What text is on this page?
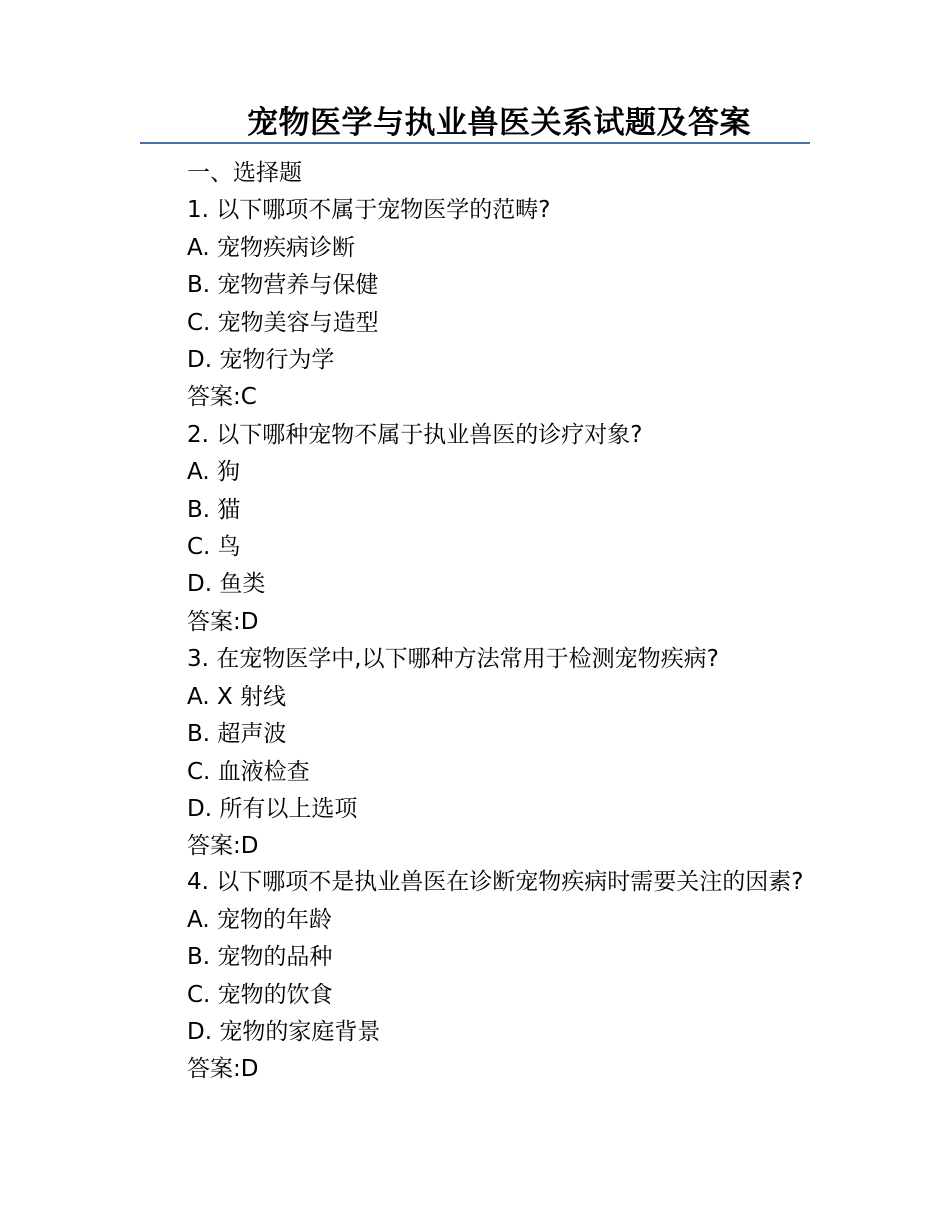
宠物医学与执业兽医关系试题及答案
一、选择题
1. 以下哪项不属于宠物医学的范畴?
A. 宠物疾病诊断
B. 宠物营养与保健
C. 宠物美容与造型
D. 宠物行为学
答案:C
2. 以下哪种宠物不属于执业兽医的诊疗对象?
A. 狗
B. 猫
C. 鸟
D. 鱼类
答案:D
3. 在宠物医学中,以下哪种方法常用于检测宠物疾病?
A. X 射线
B. 超声波
C. 血液检查
D. 所有以上选项
答案:D
4. 以下哪项不是执业兽医在诊断宠物疾病时需要关注的因素?
A. 宠物的年龄
B. 宠物的品种
C. 宠物的饮食
D. 宠物的家庭背景
答案:D
